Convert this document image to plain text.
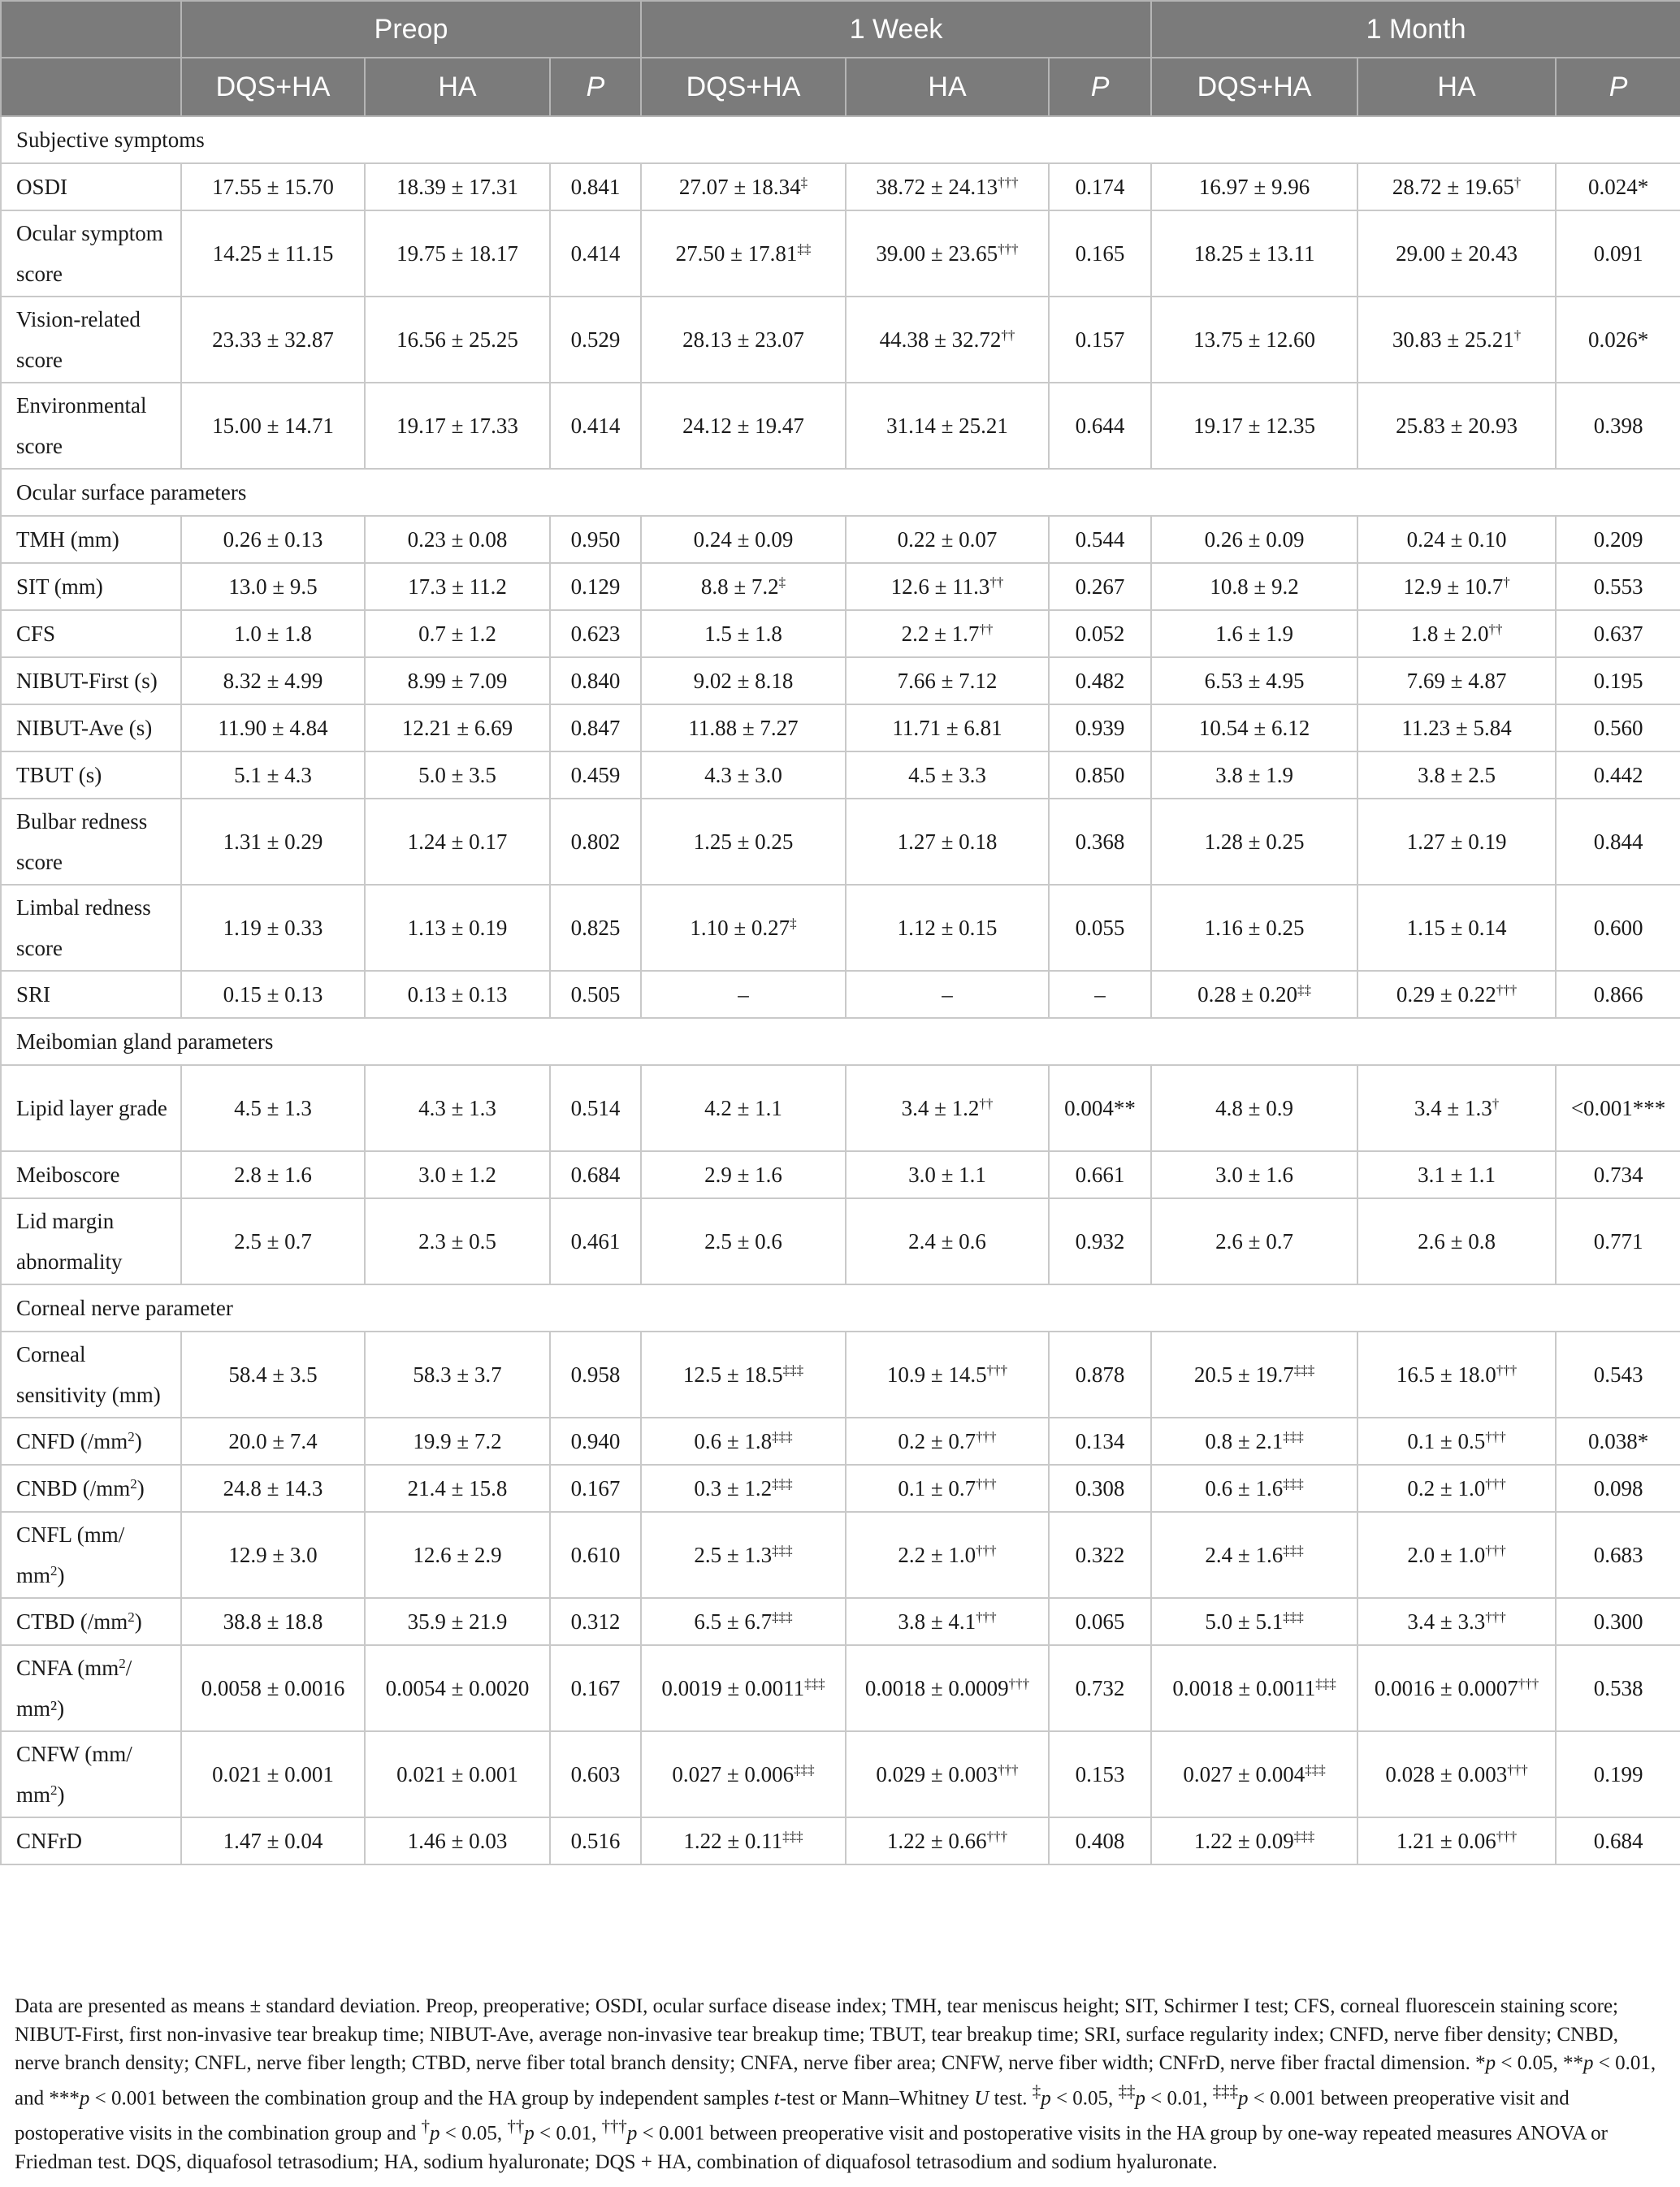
	Preop			1 Week			1 Month		
	DQS+HA	HA	P	DQS+HA	HA	P	DQS+HA	HA	P
Subjective symptoms									
OSDI	17.55 ± 15.70	18.39 ± 17.31	0.841	27.07 ± 18.34‡	38.72 ± 24.13†††	0.174	16.97 ± 9.96	28.72 ± 19.65†	0.024*
Ocular symptom score	14.25 ± 11.15	19.75 ± 18.17	0.414	27.50 ± 17.81‡‡	39.00 ± 23.65†††	0.165	18.25 ± 13.11	29.00 ± 20.43	0.091
Vision-related score	23.33 ± 32.87	16.56 ± 25.25	0.529	28.13 ± 23.07	44.38 ± 32.72††	0.157	13.75 ± 12.60	30.83 ± 25.21†	0.026*
Environmental score	15.00 ± 14.71	19.17 ± 17.33	0.414	24.12 ± 19.47	31.14 ± 25.21	0.644	19.17 ± 12.35	25.83 ± 20.93	0.398
Ocular surface parameters									
TMH (mm)	0.26 ± 0.13	0.23 ± 0.08	0.950	0.24 ± 0.09	0.22 ± 0.07	0.544	0.26 ± 0.09	0.24 ± 0.10	0.209
SIT (mm)	13.0 ± 9.5	17.3 ± 11.2	0.129	8.8 ± 7.2‡	12.6 ± 11.3††	0.267	10.8 ± 9.2	12.9 ± 10.7†	0.553
CFS	1.0 ± 1.8	0.7 ± 1.2	0.623	1.5 ± 1.8	2.2 ± 1.7††	0.052	1.6 ± 1.9	1.8 ± 2.0††	0.637
NIBUT-First (s)	8.32 ± 4.99	8.99 ± 7.09	0.840	9.02 ± 8.18	7.66 ± 7.12	0.482	6.53 ± 4.95	7.69 ± 4.87	0.195
NIBUT-Ave (s)	11.90 ± 4.84	12.21 ± 6.69	0.847	11.88 ± 7.27	11.71 ± 6.81	0.939	10.54 ± 6.12	11.23 ± 5.84	0.560
TBUT (s)	5.1 ± 4.3	5.0 ± 3.5	0.459	4.3 ± 3.0	4.5 ± 3.3	0.850	3.8 ± 1.9	3.8 ± 2.5	0.442
Bulbar redness score	1.31 ± 0.29	1.24 ± 0.17	0.802	1.25 ± 0.25	1.27 ± 0.18	0.368	1.28 ± 0.25	1.27 ± 0.19	0.844
Limbal redness score	1.19 ± 0.33	1.13 ± 0.19	0.825	1.10 ± 0.27‡	1.12 ± 0.15	0.055	1.16 ± 0.25	1.15 ± 0.14	0.600
SRI	0.15 ± 0.13	0.13 ± 0.13	0.505	–	–	–	0.28 ± 0.20‡‡	0.29 ± 0.22†††	0.866
Meibomian gland parameters									
Lipid layer grade	4.5 ± 1.3	4.3 ± 1.3	0.514	4.2 ± 1.1	3.4 ± 1.2††	0.004**	4.8 ± 0.9	3.4 ± 1.3†	<0.001***
Meiboscore	2.8 ± 1.6	3.0 ± 1.2	0.684	2.9 ± 1.6	3.0 ± 1.1	0.661	3.0 ± 1.6	3.1 ± 1.1	0.734
Lid margin abnormality	2.5 ± 0.7	2.3 ± 0.5	0.461	2.5 ± 0.6	2.4 ± 0.6	0.932	2.6 ± 0.7	2.6 ± 0.8	0.771
Corneal nerve parameter									
Corneal sensitivity (mm)	58.4 ± 3.5	58.3 ± 3.7	0.958	12.5 ± 18.5‡‡‡	10.9 ± 14.5†††	0.878	20.5 ± 19.7‡‡‡	16.5 ± 18.0†††	0.543
CNFD $(/mm^2)$	20.0 ± 7.4	19.9 ± 7.2	0.940	0.6 ± 1.8‡‡‡	0.2 ± 0.7†††	0.134	0.8 ± 2.1‡‡‡	0.1 ± 0.5†††	0.038*
CNBD $(/mm^2)$	24.8 ± 14.3	21.4 ± 15.8	0.167	0.3 ± 1.2‡‡‡	0.1 ± 0.7†††	0.308	0.6 ± 1.6‡‡‡	0.2 ± 1.0†††	0.098
CNFL (mm/ $mm^2$)	12.9 ± 3.0	12.6 ± 2.9	0.610	2.5 ± 1.3‡‡‡	2.2 ± 1.0†††	0.322	2.4 ± 1.6‡‡‡	2.0 ± 1.0†††	0.683
CTBD $(/mm^2)$	38.8 ± 18.8	35.9 ± 21.9	0.312	6.5 ± 6.7‡‡‡	3.8 ± 4.1†††	0.065	5.0 ± 5.1‡‡‡	3.4 ± 3.3†††	0.300
CNFA ($mm^2/$ mm²)	0.0058 ± 0.0016	0.0054 ± 0.0020	0.167	0.0019 ± 0.0011‡‡‡	0.0018 ± 0.0009†††	0.732	0.0018 ± 0.0011‡‡‡	0.0016 ± 0.0007†††	0.538
CNFW (mm/ $mm^2$)	0.021 ± 0.001	0.021 ± 0.001	0.603	0.027 ± 0.006‡‡‡	0.029 ± 0.003†††	0.153	0.027 ± 0.004‡‡‡	0.028 ± 0.003†††	0.199
CNFrD	1.47 ± 0.04	1.46 ± 0.03	0.516	1.22 ± 0.11‡‡‡	1.22 ± 0.66†††	0.408	1.22 ± 0.09‡‡‡	1.21 ± 0.06†††	0.684
Data are presented as means ± standard deviation. Preop, preoperative; OSDI, ocular surface disease index; TMH, tear meniscus height; SIT, Schirmer I test; CFS, corneal fluorescein staining score; NIBUT-First, first non-invasive tear breakup time; NIBUT-Ave, average non-invasive tear breakup time; TBUT, tear breakup time; SRI, surface regularity index; CNFD, nerve fiber density; CNBD, nerve branch density; CNFL, nerve fiber length; CTBD, nerve fiber total branch density; CNFA, nerve fiber area; CNFW, nerve fiber width; CNFrD, nerve fiber fractal dimension. *p < 0.05, **p < 0.01, and ***p < 0.001 between the combination group and the HA group by independent samples t-test or Mann–Whitney U test. ‡p < 0.05, ‡‡p < 0.01, ‡‡‡p < 0.001 between preoperative visit and postoperative visits in the combination group and †p < 0.05, ††p < 0.01, †††p < 0.001 between preoperative visit and postoperative visits in the HA group by one-way repeated measures ANOVA or Friedman test. DQS, diquafosol tetrasodium; HA, sodium hyaluronate; DQS + HA, combination of diquafosol tetrasodium and sodium hyaluronate.
